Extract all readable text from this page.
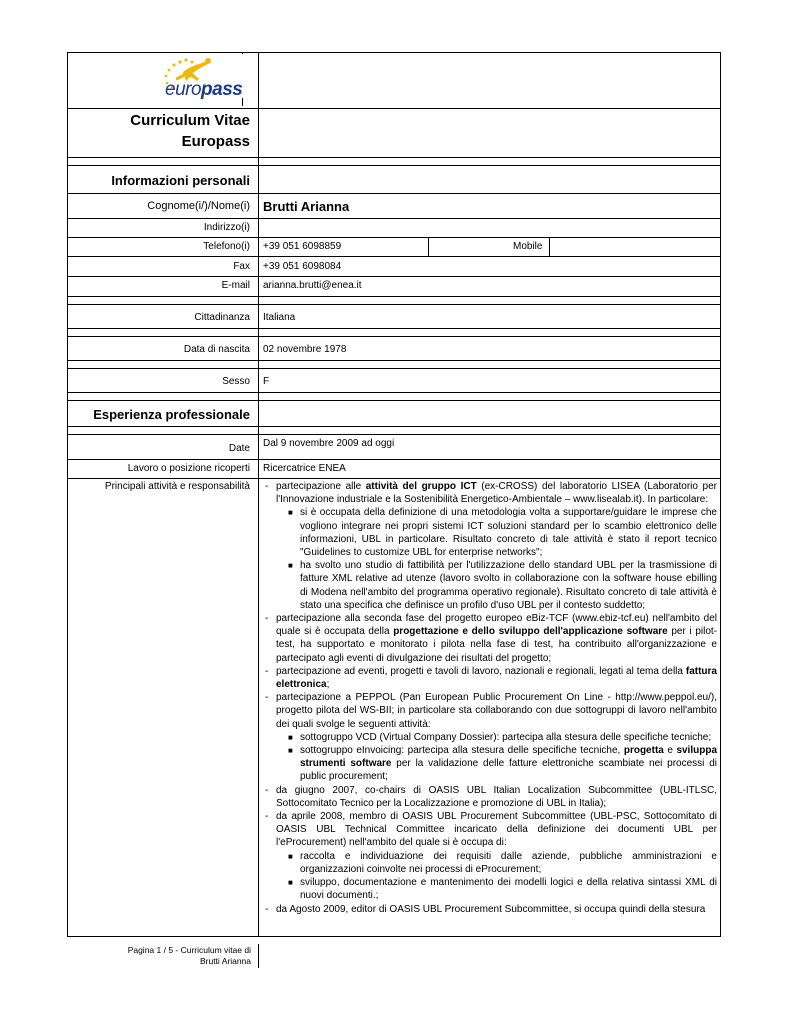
europass
Curriculum Vitae
Europass
Informazioni personali
Cognome(i/)/Nome(i) Brutti Arianna
Indirizzo(i)
Telefono(i) +39 051 6098859	Mobile
Fax +39 051 6098084
E-mail arianna.brutti@enea.it
Cittadinanza Italiana
Data di nascita 02 novembre 1978
Sesso F
Esperienza professionale
Date Dal 9 novembre 2009 ad oggi
Lavoro o posizione ricoperti Ricercatrice ENEA
Principali attività e responsabilità - partecipazione alle attività del gruppo ICT (ex-CROSS) del laboratorio LISEA (Laboratorio per l'Innovazione industriale e la Sostenibilità Energetico-Ambientale – www.lisealab.it). In particolare:
■ si è occupata della definizione di una metodologia volta a supportare/guidare le imprese che vogliono integrare nei propri sistemi ICT soluzioni standard per lo scambio elettronico delle informazioni, UBL in particolare. Risultato concreto di tale attività è stato il report tecnico "Guidelines to customize UBL for enterprise networks";
■ ha svolto uno studio di fattibilità per l'utilizzazione dello standard UBL per la trasmissione di fatture XML relative ad utenze (lavoro svolto in collaborazione con la software house ebilling di Modena nell'ambito del programma operativo regionale). Risultato concreto di tale attività è stato una specifica che definisce un profilo d'uso UBL per il contesto suddetto;
- partecipazione alla seconda fase del progetto europeo eBiz-TCF (www.ebiz-tcf.eu) nell'ambito del quale si è occupata della progettazione e dello sviluppo dell'applicazione software per i pilot-test, ha supportato e monitorato i pilota nella fase di test, ha contribuito all'organizzazione e partecipato agli eventi di divulgazione dei risultati del progetto;
- partecipazione ad eventi, progetti e tavoli di lavoro, nazionali e regionali, legati al tema della fattura elettronica;
- partecipazione a PEPPOL (Pan European Public Procurement On Line - http://www.peppol.eu/), progetto pilota del WS-BII; in particolare sta collaborando con due sottogruppi di lavoro nell'ambito dei quali svolge le seguenti attività:
■ sottogruppo VCD (Virtual Company Dossier): partecipa alla stesura delle specifiche tecniche;
■ sottogruppo eInvoicing: partecipa alla stesura delle specifiche tecniche, progetta e sviluppa strumenti software per la validazione delle fatture elettroniche scambiate nei processi di public procurement;
- da giugno 2007, co-chairs di OASIS UBL Italian Localization Subcommittee (UBL-ITLSC, Sottocomitato Tecnico per la Localizzazione e promozione di UBL in Italia);
- da aprile 2008, membro di OASIS UBL Procurement Subcommittee (UBL-PSC, Sottocomitato di OASIS UBL Technical Committee incaricato della definizione dei documenti UBL per l'eProcurement) nell'ambito del quale si è occupa di:
■ raccolta e individuazione dei requisiti dalle aziende, pubbliche amministrazioni e organizzazioni coinvolte nei processi di eProcurement;
■ sviluppo, documentazione e mantenimento dei modelli logici e della relativa sintassi XML di nuovi documenti.;
- da Agosto 2009, editor di OASIS UBL Procurement Subcommittee, si occupa quindi della stesura
Pagina 1 / 5 - Curriculum vitae di
Brutti Arianna
